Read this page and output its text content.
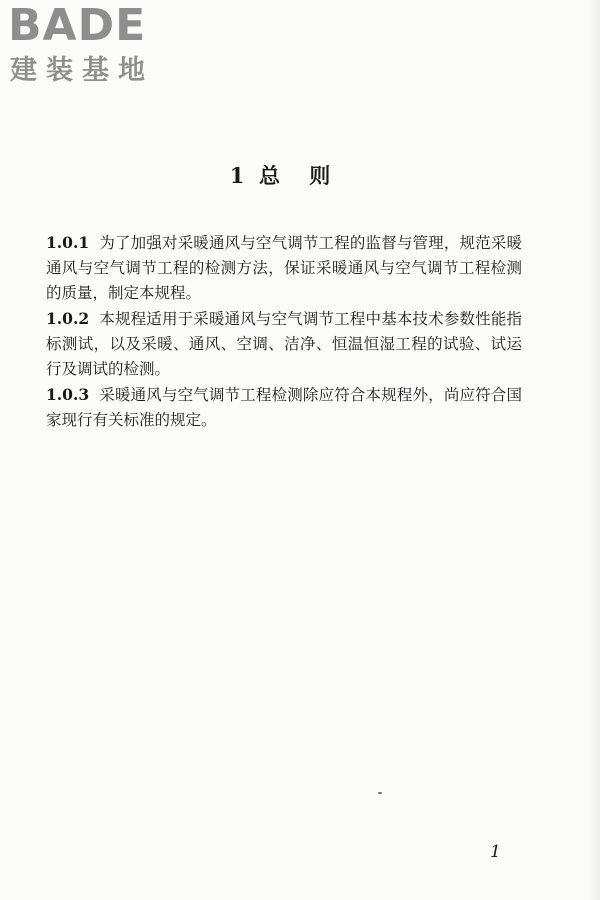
BADE
建装基地
1  总    则

1.0.1 为了加强对采暖通风与空气调节工程的监督与管理，规范采暖通风与空气调节工程的检测方法，保证采暖通风与空气调节工程检测的质量，制定本规程。

1.0.2 本规程适用于采暖通风与空气调节工程中基本技术参数性能指标测试，以及采暖、通风、空调、洁净、恒温恒湿工程的试验、试运行及调试的检测。

1.0.3 采暖通风与空气调节工程检测除应符合本规程外，尚应符合国家现行有关标准的规定。

1
